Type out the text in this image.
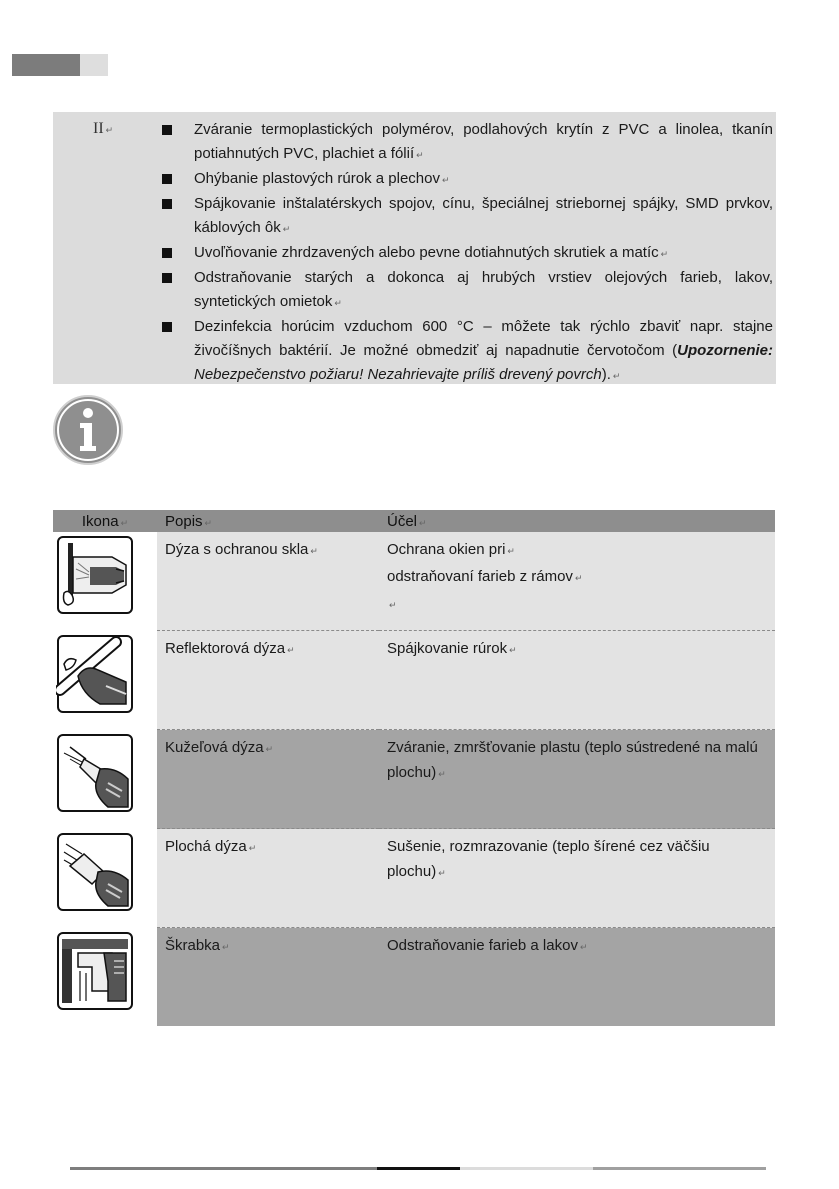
II ↵	Zváranie termoplastických polymérov, podlahových krytín z PVC a linolea, tkanín potiahnutých PVC, plachiet a fólií ↵
Ohýbanie plastových rúrok a plechov ↵
Spájkovanie inštalatérskych spojov, cínu, špeciálnej striebornej spájky, SMD prvkov, káblových ôk ↵
Uvoľňovanie zhrdzavených alebo pevne dotiahnutých skrutiek a matíc ↵
Odstraňovanie starých a dokonca aj hrubých vrstiev olejových farieb, lakov, syntetických omietok ↵
Dezinfekcia horúcim vzduchom 600 °C – môžete tak rýchlo zbaviť napr. stajne živočíšnych baktérií. Je možné obmedziť aj napadnutie červotočom (Upozornenie: Nebezpečenstvo požiaru! Nezahrievajte príliš drevený povrch). ↵
Ikona ↵	Popis ↵	Účel ↵

	Dýza s ochranou skla ↵	Ochrana okien pri ↵
odstraňovaní farieb z rámov ↵
↵

	Reflektorová dýza ↵	Spájkovanie rúrok ↵

	Kužeľová dýza ↵	Zváranie, zmršťovanie plastu (teplo sústredené na malú plochu) ↵

	Plochá dýza ↵	Sušenie, rozmrazovanie (teplo šírené cez väčšiu plochu) ↵

	Škrabka ↵	Odstraňovanie farieb a lakov ↵
